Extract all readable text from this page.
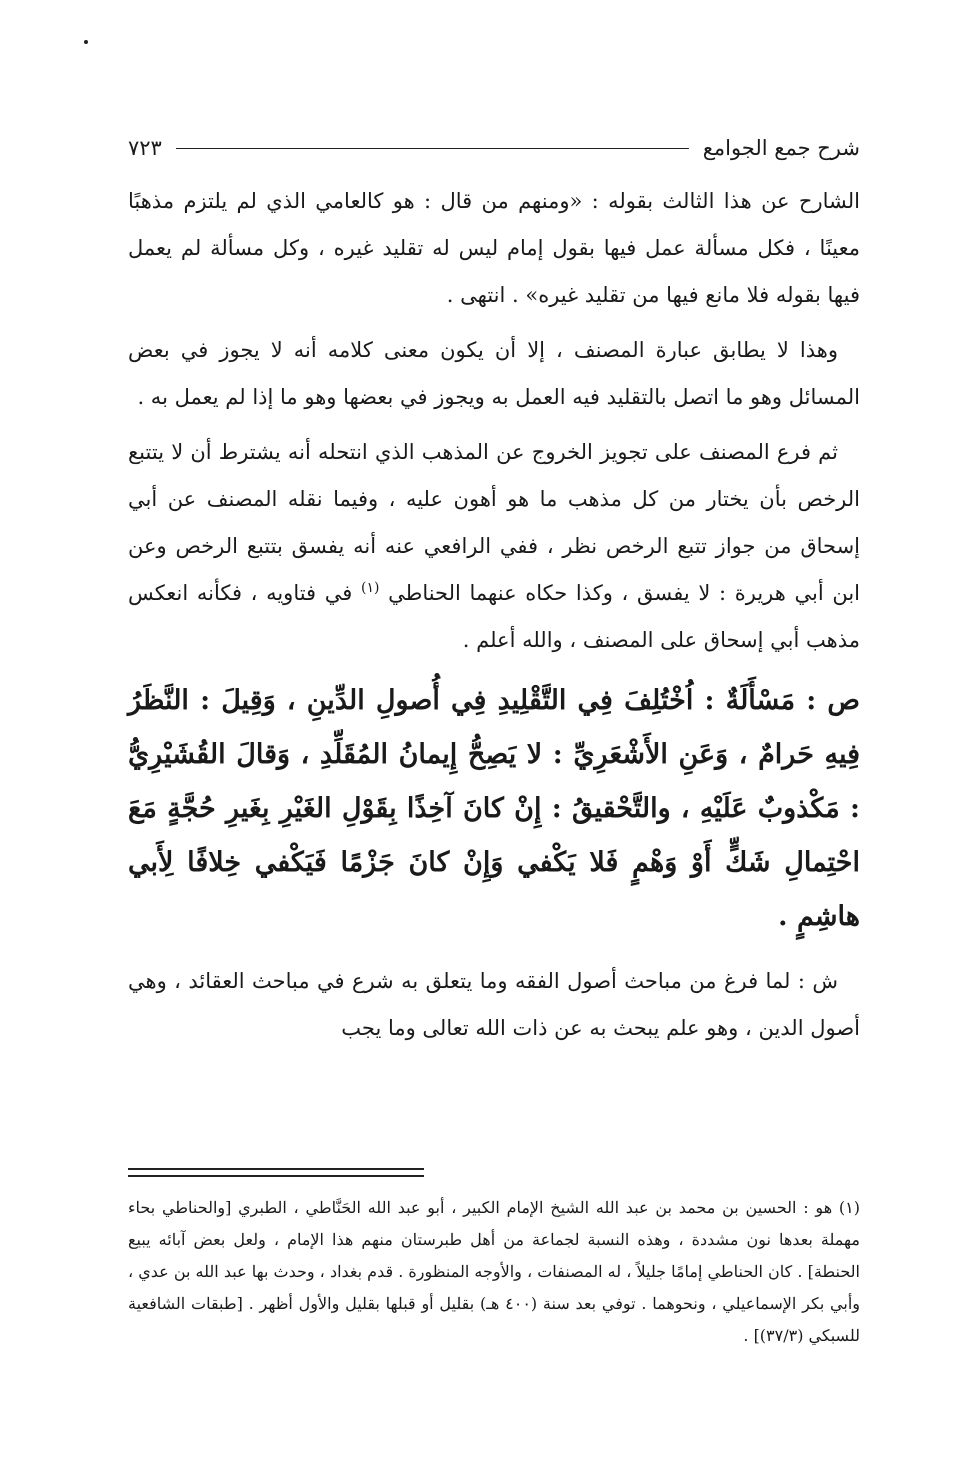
شرح جمع الجوامع
٧٢٣

الشارح عن هذا الثالث بقوله : «ومنهم من قال : هو كالعامي الذي لم يلتزم مذهبًا معينًا ، فكل مسألة عمل فيها بقول إمام ليس له تقليد غيره ، وكل مسألة لم يعمل فيها بقوله فلا مانع فيها من تقليد غيره» . انتهى .

وهذا لا يطابق عبارة المصنف ، إلا أن يكون معنى كلامه أنه لا يجوز في بعض المسائل وهو ما اتصل بالتقليد فيه العمل به ويجوز في بعضها وهو ما إذا لم يعمل به .

ثم فرع المصنف على تجويز الخروج عن المذهب الذي انتحله أنه يشترط أن لا يتتبع الرخص بأن يختار من كل مذهب ما هو أهون عليه ، وفيما نقله المصنف عن أبي إسحاق من جواز تتبع الرخص نظر ، ففي الرافعي عنه أنه يفسق بتتبع الرخص وعن ابن أبي هريرة : لا يفسق ، وكذا حكاه عنهما الحناطي $^{(١)}$ في فتاويه ، فكأنه انعكس مذهب أبي إسحاق على المصنف ، والله أعلم .

ص : مَسْأَلَةٌ : اُخْتُلِفَ فِي التَّقْلِيدِ فِي أُصولِ الدِّينِ ، وَقِيلَ : النَّظَرُ فِيهِ حَرامٌ ، وَعَنِ الأَشْعَرِيِّ : لا يَصِحُّ إِيمانُ المُقَلِّدِ ، وَقالَ القُشَيْرِيُّ : مَكْذوبٌ عَلَيْهِ ، والتَّحْقيقُ : إِنْ كانَ آخِذًا بِقَوْلِ الغَيْرِ بِغَيرِ حُجَّةٍ مَعَ احْتِمالِ شَكٍّ أَوْ وَهْمٍ فَلا يَكْفي وَإِنْ كانَ جَزْمًا فَيَكْفي خِلافًا لِأَبي هاشِمٍ .

ش : لما فرغ من مباحث أصول الفقه وما يتعلق به شرع في مباحث العقائد ، وهي أصول الدين ، وهو علم يبحث به عن ذات الله تعالى وما يجب

(١) هو : الحسين بن محمد بن عبد الله الشيخ الإمام الكبير ، أبو عبد الله الحَنَّاطي ، الطبري [والحناطي بحاء مهملة بعدها نون مشددة ، وهذه النسبة لجماعة من أهل طبرستان منهم هذا الإمام ، ولعل بعض آبائه يبيع الحنطة] . كان الحناطي إمامًا جليلاً ، له المصنفات ، والأوجه المنظورة . قدم بغداد ، وحدث بها عبد الله بن عدي ، وأبي بكر الإسماعيلي ، ونحوهما . توفي بعد سنة (٤٠٠ هـ) بقليل أو قبلها بقليل والأول أظهر . [طبقات الشافعية للسبكي (٣٧/٣)] .
